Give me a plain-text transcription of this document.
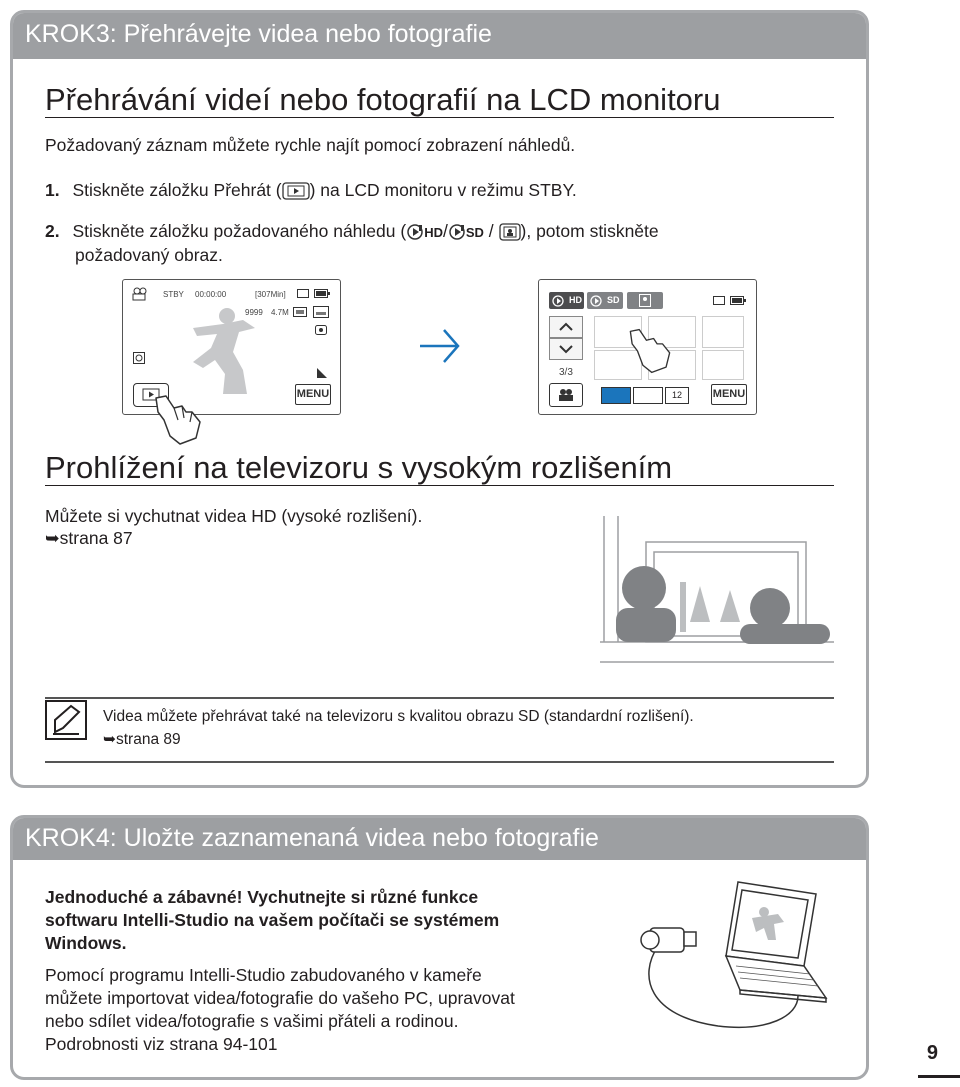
KROK3: Přehrávejte videa nebo fotografie
Přehrávání videí nebo fotografií na LCD monitoru
Požadovaný záznam můžete rychle najít pomocí zobrazení náhledů.
1. Stiskněte záložku Přehrát ( ) na LCD monitoru v režimu STBY.
2. Stiskněte záložku požadovaného náhledu ( HD/ SD / ), potom stiskněte
požadovaný obraz.
STBY 00:00:00	[307Min]
9999 4.7M
MENU
HD	SD
3/3
12	MENU
Prohlížení na televizoru s vysokým rozlišením
Můžete si vychutnat videa HD (vysoké rozlišení).
➥strana 87
Videa můžete přehrávat také na televizoru s kvalitou obrazu SD (standardní rozlišení).
➥strana 89
KROK4: Uložte zaznamenaná videa nebo fotografie
Jednoduché a zábavné! Vychutnejte si různé funkce
softwaru Intelli-Studio na vašem počítači se systémem
Windows.
Pomocí programu Intelli-Studio zabudovaného v kameře
můžete importovat videa/fotografie do vašeho PC, upravovat
nebo sdílet videa/fotografie s vašimi přáteli a rodinou.
Podrobnosti viz strana 94-101	9
